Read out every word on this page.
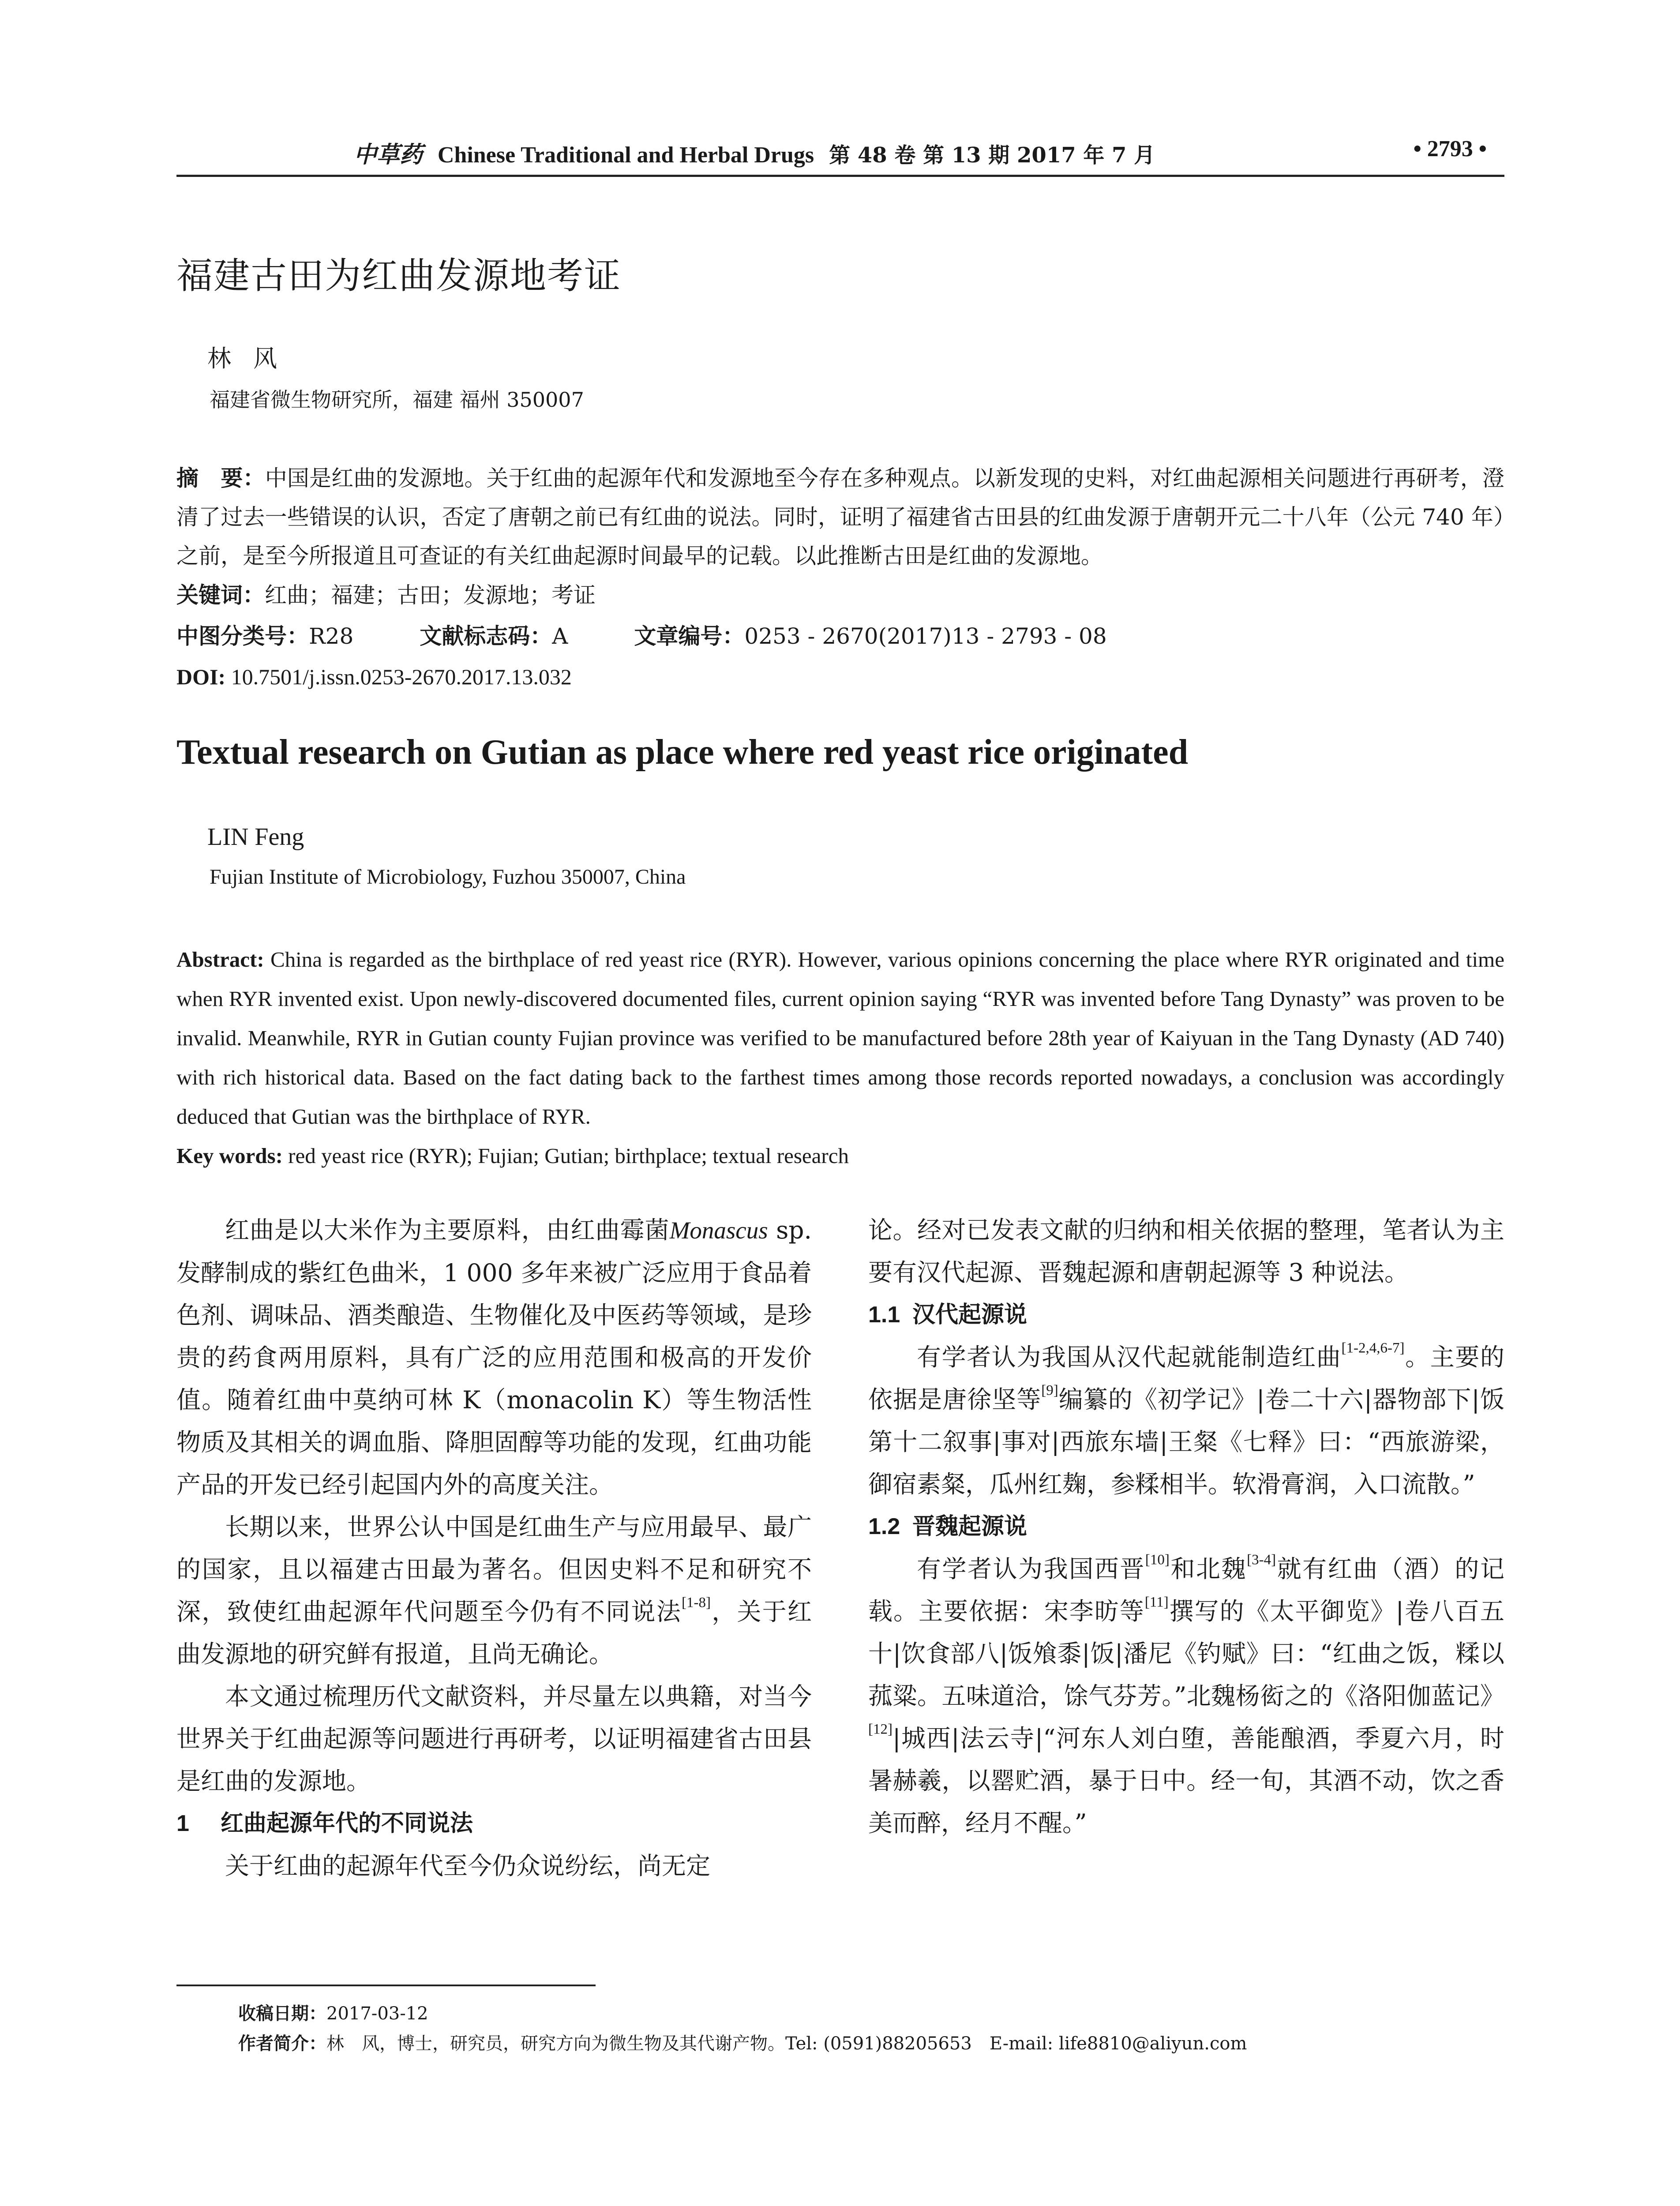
中草药 Chinese Traditional and Herbal Drugs 第 48 卷 第 13 期 2017 年 7 月	• 2793 •
福建古田为红曲发源地考证
林风
福建省微生物研究所，福建 福州 350007
摘　要：中国是红曲的发源地。关于红曲的起源年代和发源地至今存在多种观点。以新发现的史料，对红曲起源相关问题进行再研考，澄清了过去一些错误的认识，否定了唐朝之前已有红曲的说法。同时，证明了福建省古田县的红曲发源于唐朝开元二十八年（公元 740 年）之前，是至今所报道且可查证的有关红曲起源时间最早的记载。以此推断古田是红曲的发源地。
关键词：红曲；福建；古田；发源地；考证
中图分类号：R28	文献标志码：A	文章编号：0253 - 2670(2017)13 - 2793 - 08
DOI: 10.7501/j.issn.0253-2670.2017.13.032
Textual research on Gutian as place where red yeast rice originated
LIN Feng
Fujian Institute of Microbiology, Fuzhou 350007, China
Abstract: China is regarded as the birthplace of red yeast rice (RYR). However, various opinions concerning the place where RYR originated and time when RYR invented exist. Upon newly-discovered documented files, current opinion saying “RYR was invented before Tang Dynasty” was proven to be invalid. Meanwhile, RYR in Gutian county Fujian province was verified to be manufactured before 28th year of Kaiyuan in the Tang Dynasty (AD 740) with rich historical data. Based on the fact dating back to the farthest times among those records reported nowadays, a conclusion was accordingly deduced that Gutian was the birthplace of RYR.
Key words: red yeast rice (RYR); Fujian; Gutian; birthplace; textual research

红曲是以大米作为主要原料，由红曲霉菌Monascus sp. 发酵制成的紫红色曲米，1 000 多年来被广泛应用于食品着色剂、调味品、酒类酿造、生物催化及中医药等领域，是珍贵的药食两用原料，具有广泛的应用范围和极高的开发价值。随着红曲中莫纳可林 K（monacolin K）等生物活性物质及其相关的调血脂、降胆固醇等功能的发现，红曲功能产品的开发已经引起国内外的高度关注。

长期以来，世界公认中国是红曲生产与应用最早、最广的国家，且以福建古田最为著名。但因史料不足和研究不深，致使红曲起源年代问题至今仍有不同说法[1-8]，关于红曲发源地的研究鲜有报道，且尚无确论。

本文通过梳理历代文献资料，并尽量左以典籍，对当今世界关于红曲起源等问题进行再研考，以证明福建省古田县是红曲的发源地。

1 红曲起源年代的不同说法

关于红曲的起源年代至今仍众说纷纭，尚无定

论。经对已发表文献的归纳和相关依据的整理，笔者认为主要有汉代起源、晋魏起源和唐朝起源等 3 种说法。

1.1 汉代起源说

有学者认为我国从汉代起就能制造红曲[1-2,4,6-7]。主要的依据是唐徐坚等[9]编纂的《初学记》|卷二十六|器物部下|饭第十二叙事|事对|西旅东墙|王粲《七释》曰：“西旅游梁，御宿素粲，瓜州红麹，参糅相半。软滑膏润，入口流散。”

1.2 晋魏起源说

有学者认为我国西晋[10]和北魏[3-4]就有红曲（酒）的记载。主要依据：宋李昉等[11]撰写的《太平御览》|卷八百五十|饮食部八|饭飧黍|饭|潘尼《钓赋》曰：“红曲之饭，糅以菰粱。五味道洽，馀气芬芳。”北魏杨衒之的《洛阳伽蓝记》[12]|城西|法云寺|“河东人刘白堕，善能酿酒，季夏六月，时暑赫羲，以罂贮酒，暴于日中。经一旬，其酒不动，饮之香美而醉，经月不醒。”

收稿日期：2017-03-12
作者简介：林　风，博士，研究员，研究方向为微生物及其代谢产物。Tel: (0591)88205653　E-mail: life8810@aliyun.com
